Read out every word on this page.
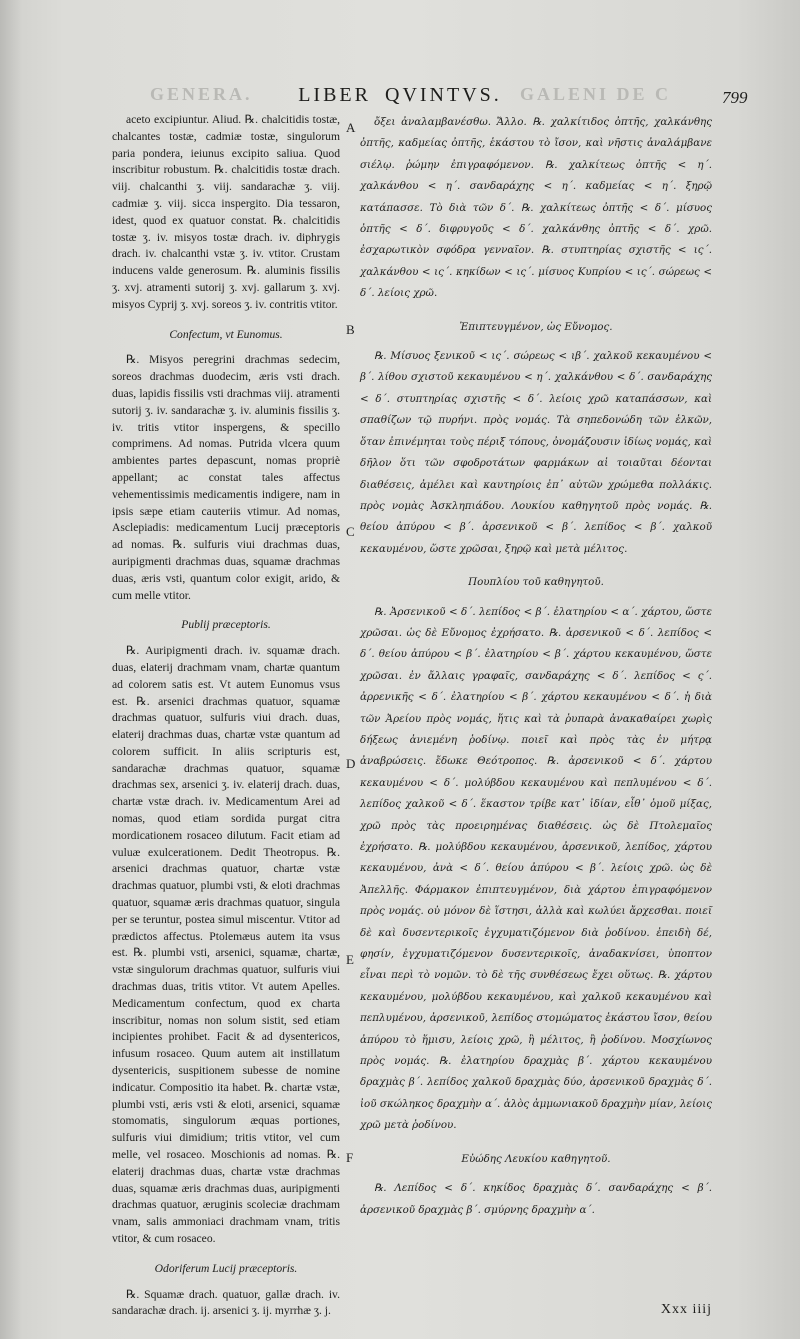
GENERA.	GALENI DE C
LIBER QVINTVS.	799

aceto excipiuntur. Aliud. ℞. chalcitidis tostæ, chalcantes tostæ, cadmiæ tostæ, singulorum paria pondera, ieiunus excipito saliua. Quod inscribitur robustum. ℞. chalcitidis tostæ drach. viij. chalcanthi ʒ. viij. sandarachæ ʒ. viij. cadmiæ ʒ. viij. sicca inspergito. Dia tessaron, idest, quod ex quatuor constat. ℞. chalcitidis tostæ ʒ. iv. misyos tostæ drach. iv. diphrygis drach. iv. chalcanthi vstæ ʒ. iv. vtitor. Crustam inducens valde generosum. ℞. aluminis fissilis ʒ. xvj. atramenti sutorij ʒ. xvj. gallarum ʒ. xvj. misyos Cyprij ʒ. xvj. soreos ʒ. iv. contritis vtitor.

Confectum, vt Eunomus.

℞. Misyos peregrini drachmas sedecim, soreos drachmas duodecim, æris vsti drach. duas, lapidis fissilis vsti drachmas viij. atramenti sutorij ʒ. iv. sandarachæ ʒ. iv. aluminis fissilis ʒ. iv. tritis vtitor inspergens, & specillo comprimens. Ad nomas. Putrida vlcera quum ambientes partes depascunt, nomas propriè appellant; ac constat tales affectus vehementissimis medicamentis indigere, nam in ipsis sæpe etiam cauteriis vtimur. Ad nomas, Asclepiadis: medicamentum Lucij præceptoris ad nomas. ℞. sulfuris viui drachmas duas, auripigmenti drachmas duas, squamæ drachmas duas, æris vsti, quantum color exigit, arido, & cum melle vtitor.

Publij præceptoris.

℞. Auripigmenti drach. iv. squamæ drach. duas, elaterij drachmam vnam, chartæ quantum ad colorem satis est. Vt autem Eunomus vsus est. ℞. arsenici drachmas quatuor, squamæ drachmas quatuor, sulfuris viui drach. duas, elaterij drachmas duas, chartæ vstæ quantum ad colorem sufficit. In aliis scripturis est, sandarachæ drachmas quatuor, squamæ drachmas sex, arsenici ʒ. iv. elaterij drach. duas, chartæ vstæ drach. iv. Medicamentum Arei ad nomas, quod etiam sordida purgat citra mordicationem rosaceo dilutum. Facit etiam ad vuluæ exulcerationem. Dedit Theotropus. ℞. arsenici drachmas quatuor, chartæ vstæ drachmas quatuor, plumbi vsti, & eloti drachmas quatuor, squamæ æris drachmas quatuor, singula per se teruntur, postea simul miscentur. Vtitor ad prædictos affectus. Ptolemæus autem ita vsus est. ℞. plumbi vsti, arsenici, squamæ, chartæ, vstæ singulorum drachmas quatuor, sulfuris viui drachmas duas, tritis vtitor. Vt autem Apelles. Medicamentum confectum, quod ex charta inscribitur, nomas non solum sistit, sed etiam incipientes prohibet. Facit & ad dysentericos, infusum rosaceo. Quum autem ait instillatum dysentericis, suspitionem subesse de nomine indicatur. Compositio ita habet. ℞. chartæ vstæ, plumbi vsti, æris vsti & eloti, arsenici, squamæ stomomatis, singulorum æquas portiones, sulfuris viui dimidium; tritis vtitor, vel cum melle, vel rosaceo. Moschionis ad nomas. ℞. elaterij drachmas duas, chartæ vstæ drachmas duas, squamæ æris drachmas duas, auripigmenti drachmas quatuor, æruginis scoleciæ drachmam vnam, salis ammoniaci drachmam vnam, tritis vtitor, & cum rosaceo.

Odoriferum Lucij præceptoris.

℞. Squamæ drach. quatuor, gallæ drach. iv. sandarachæ drach. ij. arsenici ʒ. ij. myrrhæ ʒ. j.

ὄξει ἀναλαμβανέσθω. Ἄλλο. ℞. χαλκίτιδος ὀπτῆς, χαλκάνθης ὀπτῆς, καδμείας ὀπτῆς, ἑκάστου τὸ ἴσον, καὶ νῆστις ἀναλάμβανε σιέλῳ. ῥώμην ἐπιγραφόμενον. ℞. χαλκίτεως ὀπτῆς < η΄. χαλκάνθου < η΄. σανδαράχης < η΄. καδμείας < η΄. ξηρῷ κατάπασσε. Τὸ διὰ τῶν δ΄. ℞. χαλκίτεως ὀπτῆς < δ΄. μίσυος ὀπτῆς < δ΄. διφρυγοῦς < δ΄. χαλκάνθης ὀπτῆς < δ΄. χρῶ. ἐσχαρωτικὸν σφόδρα γενναῖον. ℞. στυπτηρίας σχιστῆς < ις΄. χαλκάνθου < ις΄. κηκίδων < ις΄. μίσυος Κυπρίου < ις΄. σώρεως < δ΄. λείοις χρῶ.

Ἐπιπτευγμένον, ὡς Εὔνομος.

℞. Μίσυος ξενικοῦ < ις΄. σώρεως < ιβ΄. χαλκοῦ κεκαυμένου < β΄. λίθου σχιστοῦ κεκαυμένου < η΄. χαλκάνθου < δ΄. σανδαράχης < δ΄. στυπτηρίας σχιστῆς < δ΄. λείοις χρῶ καταπάσσων, καὶ σπαθίζων τῷ πυρήνι. πρὸς νομάς. Τὰ σηπεδονώδη τῶν ἑλκῶν, ὅταν ἐπινέμηται τοὺς πέριξ τόπους, ὀνομάζουσιν ἰδίως νομάς, καὶ δῆλον ὅτι τῶν σφοδροτάτων φαρμάκων αἱ τοιαῦται δέονται διαθέσεις, ἀμέλει καὶ καυτηρίοις ἐπ᾽ αὐτῶν χρώμεθα πολλάκις. πρὸς νομὰς Ἀσκληπιάδου. Λουκίου καθηγητοῦ πρὸς νομάς. ℞. θείου ἀπύρου < β΄. ἀρσενικοῦ < β΄. λεπίδος < β΄. χαλκοῦ κεκαυμένου, ὥστε χρῶσαι, ξηρῷ καὶ μετὰ μέλιτος.

Πουπλίου τοῦ καθηγητοῦ.

℞. Ἀρσενικοῦ < δ΄. λεπίδος < β΄. ἐλατηρίου < α΄. χάρτου, ὥστε χρῶσαι. ὡς δὲ Εὔνομος ἐχρήσατο. ℞. ἀρσενικοῦ < δ΄. λεπίδος < δ΄. θείου ἀπύρου < β΄. ἐλατηρίου < β΄. χάρτου κεκαυμένου, ὥστε χρῶσαι. ἐν ἄλλαις γραφαῖς, σανδαράχης < δ΄. λεπίδος < ς΄. ἀρρενικῆς < δ΄. ἐλατηρίου < β΄. χάρτου κεκαυμένου < δ΄. ἡ διὰ τῶν Ἀρείου πρὸς νομάς, ἥτις καὶ τὰ ῥυπαρὰ ἀνακαθαίρει χωρὶς δήξεως ἀνιεμένη ῥοδίνῳ. ποιεῖ καὶ πρὸς τὰς ἐν μήτρᾳ ἀναβρώσεις. ἔδωκε Θεότροπος. ℞. ἀρσενικοῦ < δ΄. χάρτου κεκαυμένου < δ΄. μολύβδου κεκαυμένου καὶ πεπλυμένου < δ΄. λεπίδος χαλκοῦ < δ΄. ἕκαστον τρίβε κατ᾽ ἰδίαν, εἶθ᾽ ὁμοῦ μίξας, χρῶ πρὸς τὰς προειρημένας διαθέσεις. ὡς δὲ Πτολεμαῖος ἐχρήσατο. ℞. μολύβδου κεκαυμένου, ἀρσενικοῦ, λεπίδος, χάρτου κεκαυμένου, ἀνὰ < δ΄. θείου ἀπύρου < β΄. λείοις χρῶ. ὡς δὲ Ἀπελλῆς. Φάρμακον ἐπιπτευγμένον, διὰ χάρτου ἐπιγραφόμενον πρὸς νομάς. οὐ μόνον δὲ ἵστησι, ἀλλὰ καὶ κωλύει ἄρχεσθαι. ποιεῖ δὲ καὶ δυσεντερικοῖς ἐγχυματιζόμενον διὰ ῥοδίνου. ἐπειδὴ δέ, φησίν, ἐγχυματιζόμενον δυσεντερικοῖς, ἀναδακνίσει, ὑποπτον εἶναι περὶ τὸ νομῶν. τὸ δὲ τῆς συνθέσεως ἔχει οὕτως. ℞. χάρτου κεκαυμένου, μολύβδου κεκαυμένου, καὶ χαλκοῦ κεκαυμένου καὶ πεπλυμένου, ἀρσενικοῦ, λεπίδος στομώματος ἑκάστου ἴσον, θείου ἀπύρου τὸ ἥμισυ, λείοις χρῶ, ἢ μέλιτος, ἢ ῥοδίνου. Μοσχίωνος πρὸς νομάς. ℞. ἐλατηρίου δραχμὰς β΄. χάρτου κεκαυμένου δραχμὰς β΄. λεπίδος χαλκοῦ δραχμὰς δύο, ἀρσενικοῦ δραχμὰς δ΄. ἰοῦ σκώληκος δραχμὴν α΄. ἁλὸς ἀμμωνιακοῦ δραχμὴν μίαν, λείοις χρῶ μετὰ ῥοδίνου.

Εὐώδης Λευκίου καθηγητοῦ.

℞. Λεπίδος < δ΄. κηκίδος δραχμὰς δ΄. σανδαράχης < β΄. ἀρσενικοῦ δραχμὰς β΄. σμύρνης δραχμὴν α΄.

A
B
C
D
E
F
Xxx iiij
